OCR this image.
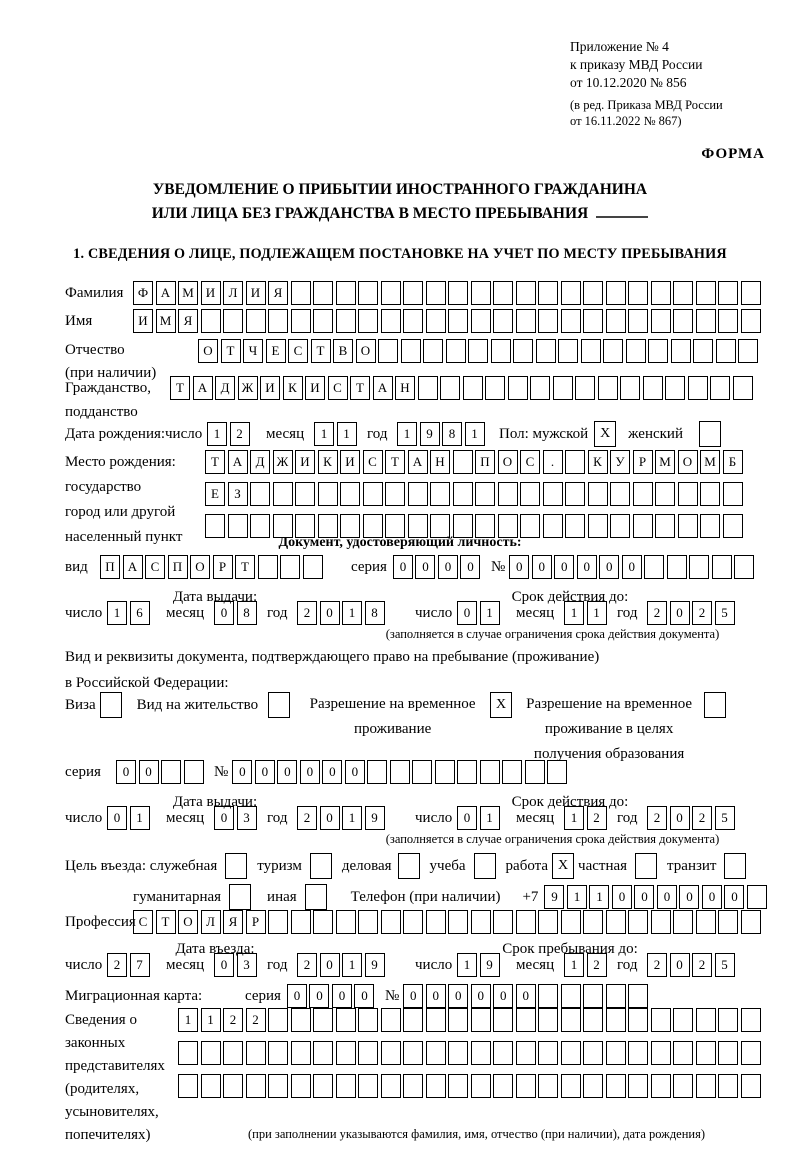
Приложение № 4
к приказу МВД России
от 10.12.2020 № 856
(в ред. Приказа МВД России
от 16.11.2022 № 867)
ФОРМА
УВЕДОМЛЕНИЕ О ПРИБЫТИИ ИНОСТРАННОГО ГРАЖДАНИНА
ИЛИ ЛИЦА БЕЗ ГРАЖДАНСТВА В МЕСТО ПРЕБЫВАНИЯ
1. СВЕДЕНИЯ О ЛИЦЕ, ПОДЛЕЖАЩЕМ ПОСТАНОВКЕ НА УЧЕТ ПО МЕСТУ ПРЕБЫВАНИЯ
Фамилия	Ф А М И	Л	И	Я
Имя	И М Я
Отчество
(при наличии)
О	Т	Ч	Е	С	Т	В	О
Гражданство,
подданство
Т	А	Д Ж И	К	И	С	Т	А	Н
Дата рождения: число 1	2	месяц	1	1	год	1	9	8	1	Пол: мужской X	женский
Место рождения:
государство
город или другой
населенный пункт
Т	А	Д Ж И	К	И	С	Т	А	Н	П	О	С	.	К	У	Р	М О М Б
Е	З
Документ, удостоверяющий личность:
вид	П	А	С	П	О	Р	Т	серия 0	0	0	0	№ 0	0	0	0	0	0
Дата выдачи:	Срок действия до:
число 1	6	месяц	0	8	год	2	0	1	8	число 0	1	месяц	1	1	год	2	0	2	5
(заполняется в случае ограничения срока действия документа)
Вид и реквизиты документа, подтверждающего право на пребывание (проживание)
в Российской Федерации:
Виза	Вид на жительство	Разрешение на временное
проживание
X	Разрешение на временное
проживание в целях
получения образования
серия	0	0	№ 0	0	0	0	0	0
Дата выдачи:	Срок действия до:
число 0	1	месяц	0	3	год	2	0	1	9	число 0	1	месяц	1	2	год	2	0	2	5
(заполняется в случае ограничения срока действия документа)
Цель въезда: служебная	туризм	деловая	учеба	работа X частная	транзит
гуманитарная	иная	Телефон (при наличии) +7 9	1	1	0	0	0	0	0	0
Профессия С	Т	О	Л	Я	Р
Дата въезда:	Срок пребывания до:
число 2	7	месяц	0	3	год	2	0	1	9	число 1	9	месяц	1	2	год	2	0	2	5
Миграционная карта:	серия 0	0	0	0	№ 0	0	0	0	0	0
Сведения о
законных
представителях
(родителях,
усыновителях,
попечителях)
1	1	2	2
(при заполнении указываются фамилия, имя, отчество (при наличии), дата рождения)
